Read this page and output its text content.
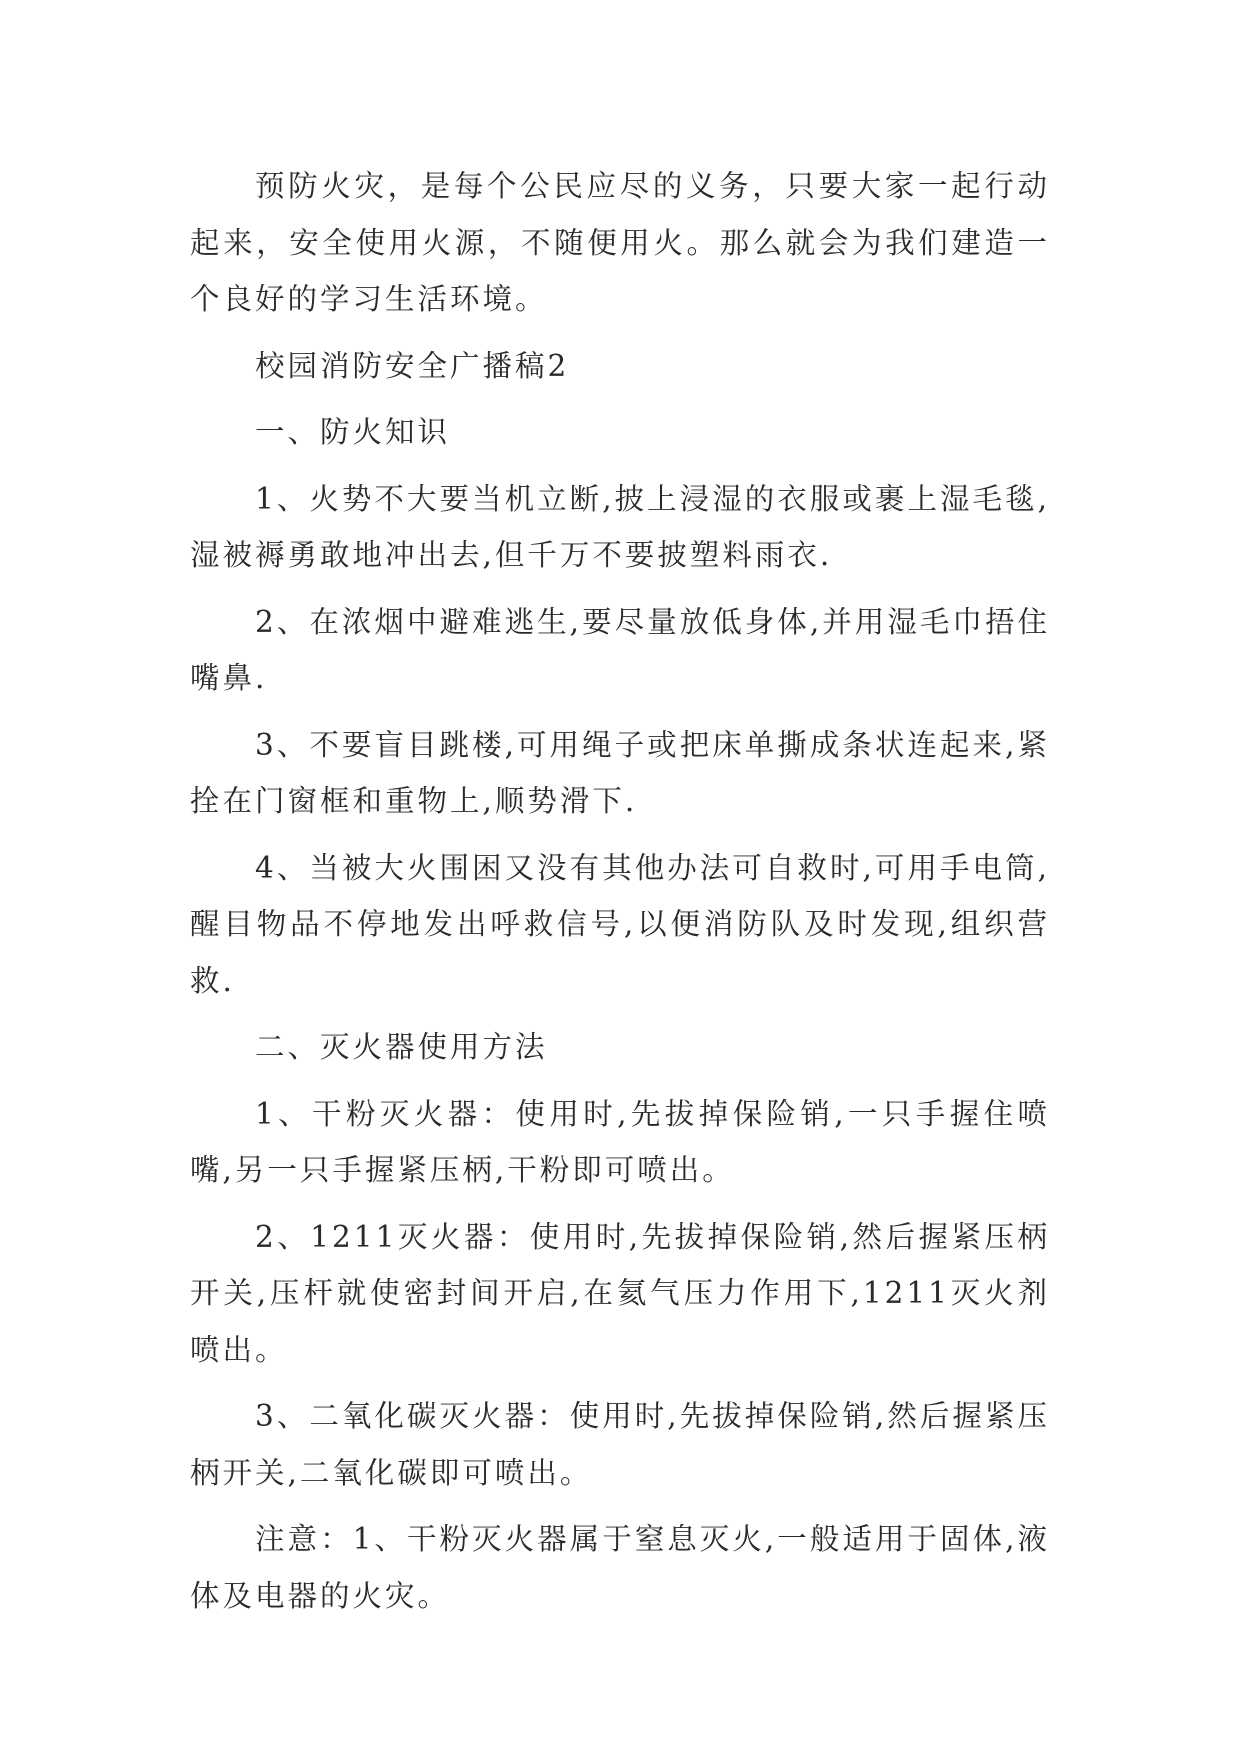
预防火灾，是每个公民应尽的义务，只要大家一起行动起来，安全使用火源，不随便用火。那么就会为我们建造一个良好的学习生活环境。

校园消防安全广播稿2

一、防火知识

1、火势不大要当机立断,披上浸湿的衣服或裹上湿毛毯,湿被褥勇敢地冲出去,但千万不要披塑料雨衣.

2、在浓烟中避难逃生,要尽量放低身体,并用湿毛巾捂住嘴鼻.

3、不要盲目跳楼,可用绳子或把床单撕成条状连起来,紧拴在门窗框和重物上,顺势滑下.

4、当被大火围困又没有其他办法可自救时,可用手电筒,醒目物品不停地发出呼救信号,以便消防队及时发现,组织营救.

二、灭火器使用方法

1、干粉灭火器：使用时,先拔掉保险销,一只手握住喷嘴,另一只手握紧压柄,干粉即可喷出。

2、1211灭火器：使用时,先拔掉保险销,然后握紧压柄开关,压杆就使密封间开启,在氦气压力作用下,1211灭火剂喷出。

3、二氧化碳灭火器：使用时,先拔掉保险销,然后握紧压柄开关,二氧化碳即可喷出。

注意：1、干粉灭火器属于窒息灭火,一般适用于固体,液体及电器的火灾。
